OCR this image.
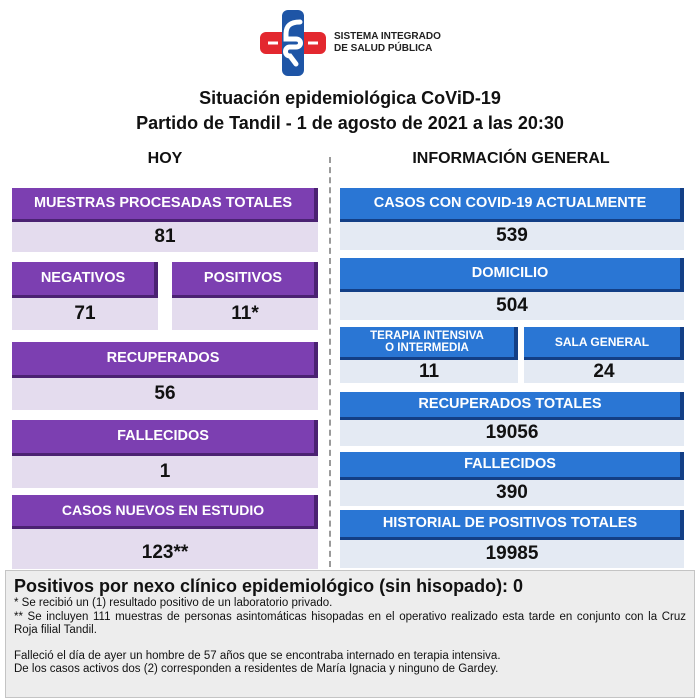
SISTEMA INTEGRADO
DE SALUD PÚBLICA
Situación epidemiológica CoViD-19
Partido de Tandil - 1 de agosto de 2021 a las 20:30
HOY	INFORMACIÓN GENERAL
MUESTRAS PROCESADAS TOTALES
81
NEGATIVOS
71
POSITIVOS
11*
RECUPERADOS
56
FALLECIDOS
1
CASOS NUEVOS EN ESTUDIO
123**
CASOS CON COVID-19 ACTUALMENTE
539
DOMICILIO
504
TERAPIA INTENSIVA
O INTERMEDIA
11
SALA GENERAL
24
RECUPERADOS TOTALES
19056
FALLECIDOS
390
HISTORIAL DE POSITIVOS TOTALES
19985
Positivos por nexo clínico epidemiológico (sin hisopado): 0
* Se recibió un (1) resultado positivo de un laboratorio privado.
** Se incluyen 111 muestras de personas asintomáticas hisopadas en el operativo realizado esta tarde en conjunto con la Cruz Roja filial Tandil.
Falleció el día de ayer un hombre de 57 años que se encontraba internado en terapia intensiva.
De los casos activos dos (2) corresponden a residentes de María Ignacia y ninguno de Gardey.
